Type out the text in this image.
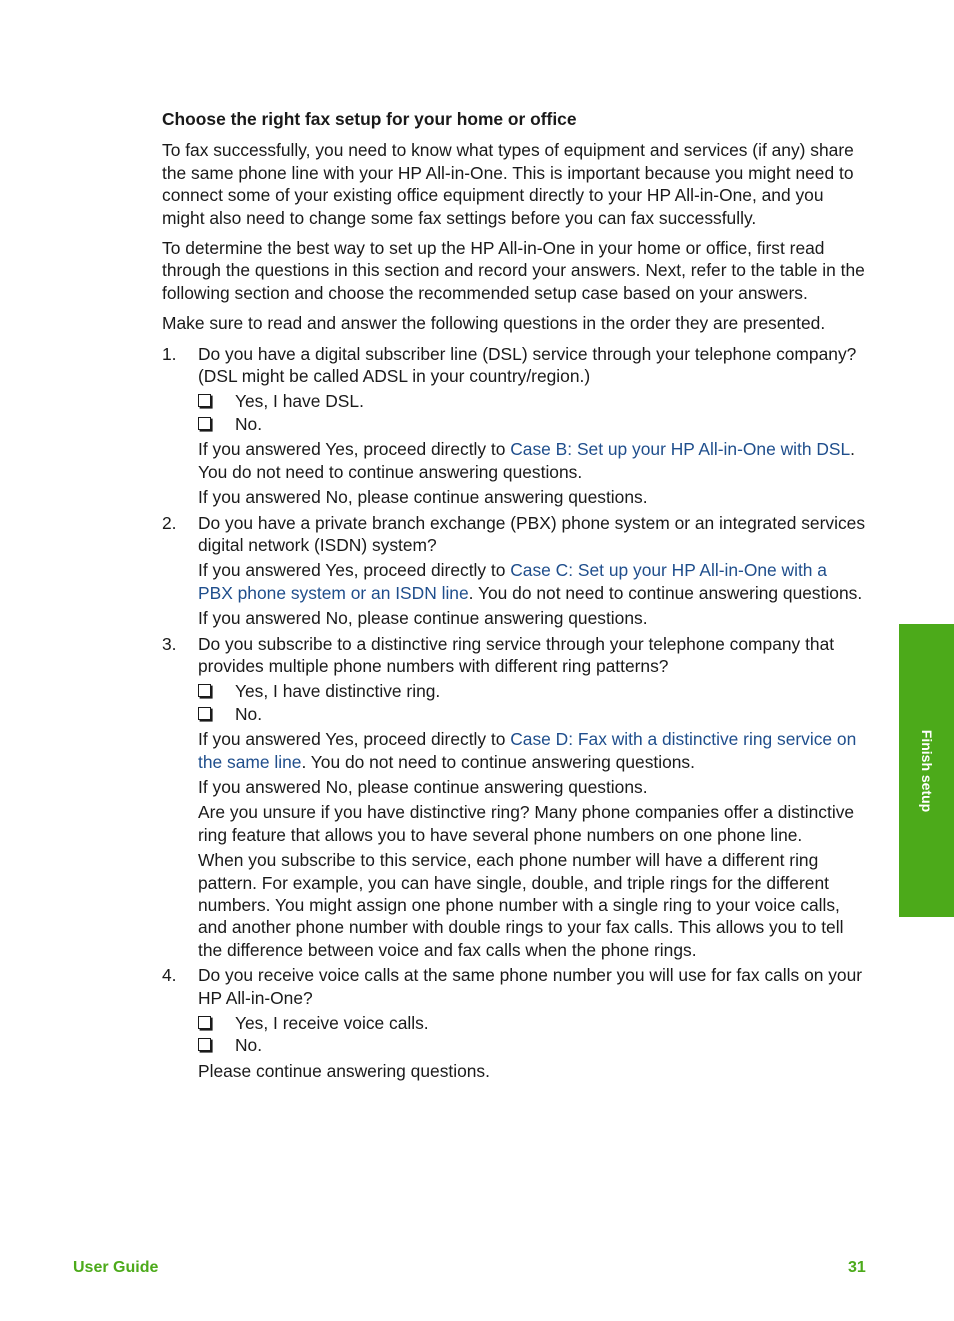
Choose the right fax setup for your home or office

To fax successfully, you need to know what types of equipment and services (if any) share the same phone line with your HP All-in-One. This is important because you might need to connect some of your existing office equipment directly to your HP All-in-One, and you might also need to change some fax settings before you can fax successfully.

To determine the best way to set up the HP All-in-One in your home or office, first read through the questions in this section and record your answers. Next, refer to the table in the following section and choose the recommended setup case based on your answers.

Make sure to read and answer the following questions in the order they are presented.

1. Do you have a digital subscriber line (DSL) service through your telephone company? (DSL might be called ADSL in your country/region.)

Yes, I have DSL.
No.

If you answered Yes, proceed directly to Case B: Set up your HP All-in-One with DSL. You do not need to continue answering questions.

If you answered No, please continue answering questions.

2. Do you have a private branch exchange (PBX) phone system or an integrated services digital network (ISDN) system?

If you answered Yes, proceed directly to Case C: Set up your HP All-in-One with a PBX phone system or an ISDN line. You do not need to continue answering questions.

If you answered No, please continue answering questions.

3. Do you subscribe to a distinctive ring service through your telephone company that provides multiple phone numbers with different ring patterns?

Yes, I have distinctive ring.
No.

If you answered Yes, proceed directly to Case D: Fax with a distinctive ring service on the same line. You do not need to continue answering questions.

If you answered No, please continue answering questions.

Are you unsure if you have distinctive ring? Many phone companies offer a distinctive ring feature that allows you to have several phone numbers on one phone line.

When you subscribe to this service, each phone number will have a different ring pattern. For example, you can have single, double, and triple rings for the different numbers. You might assign one phone number with a single ring to your voice calls, and another phone number with double rings to your fax calls. This allows you to tell the difference between voice and fax calls when the phone rings.

4. Do you receive voice calls at the same phone number you will use for fax calls on your HP All-in-One?

Yes, I receive voice calls.
No.

Please continue answering questions.

Finish setup
User Guide	31
